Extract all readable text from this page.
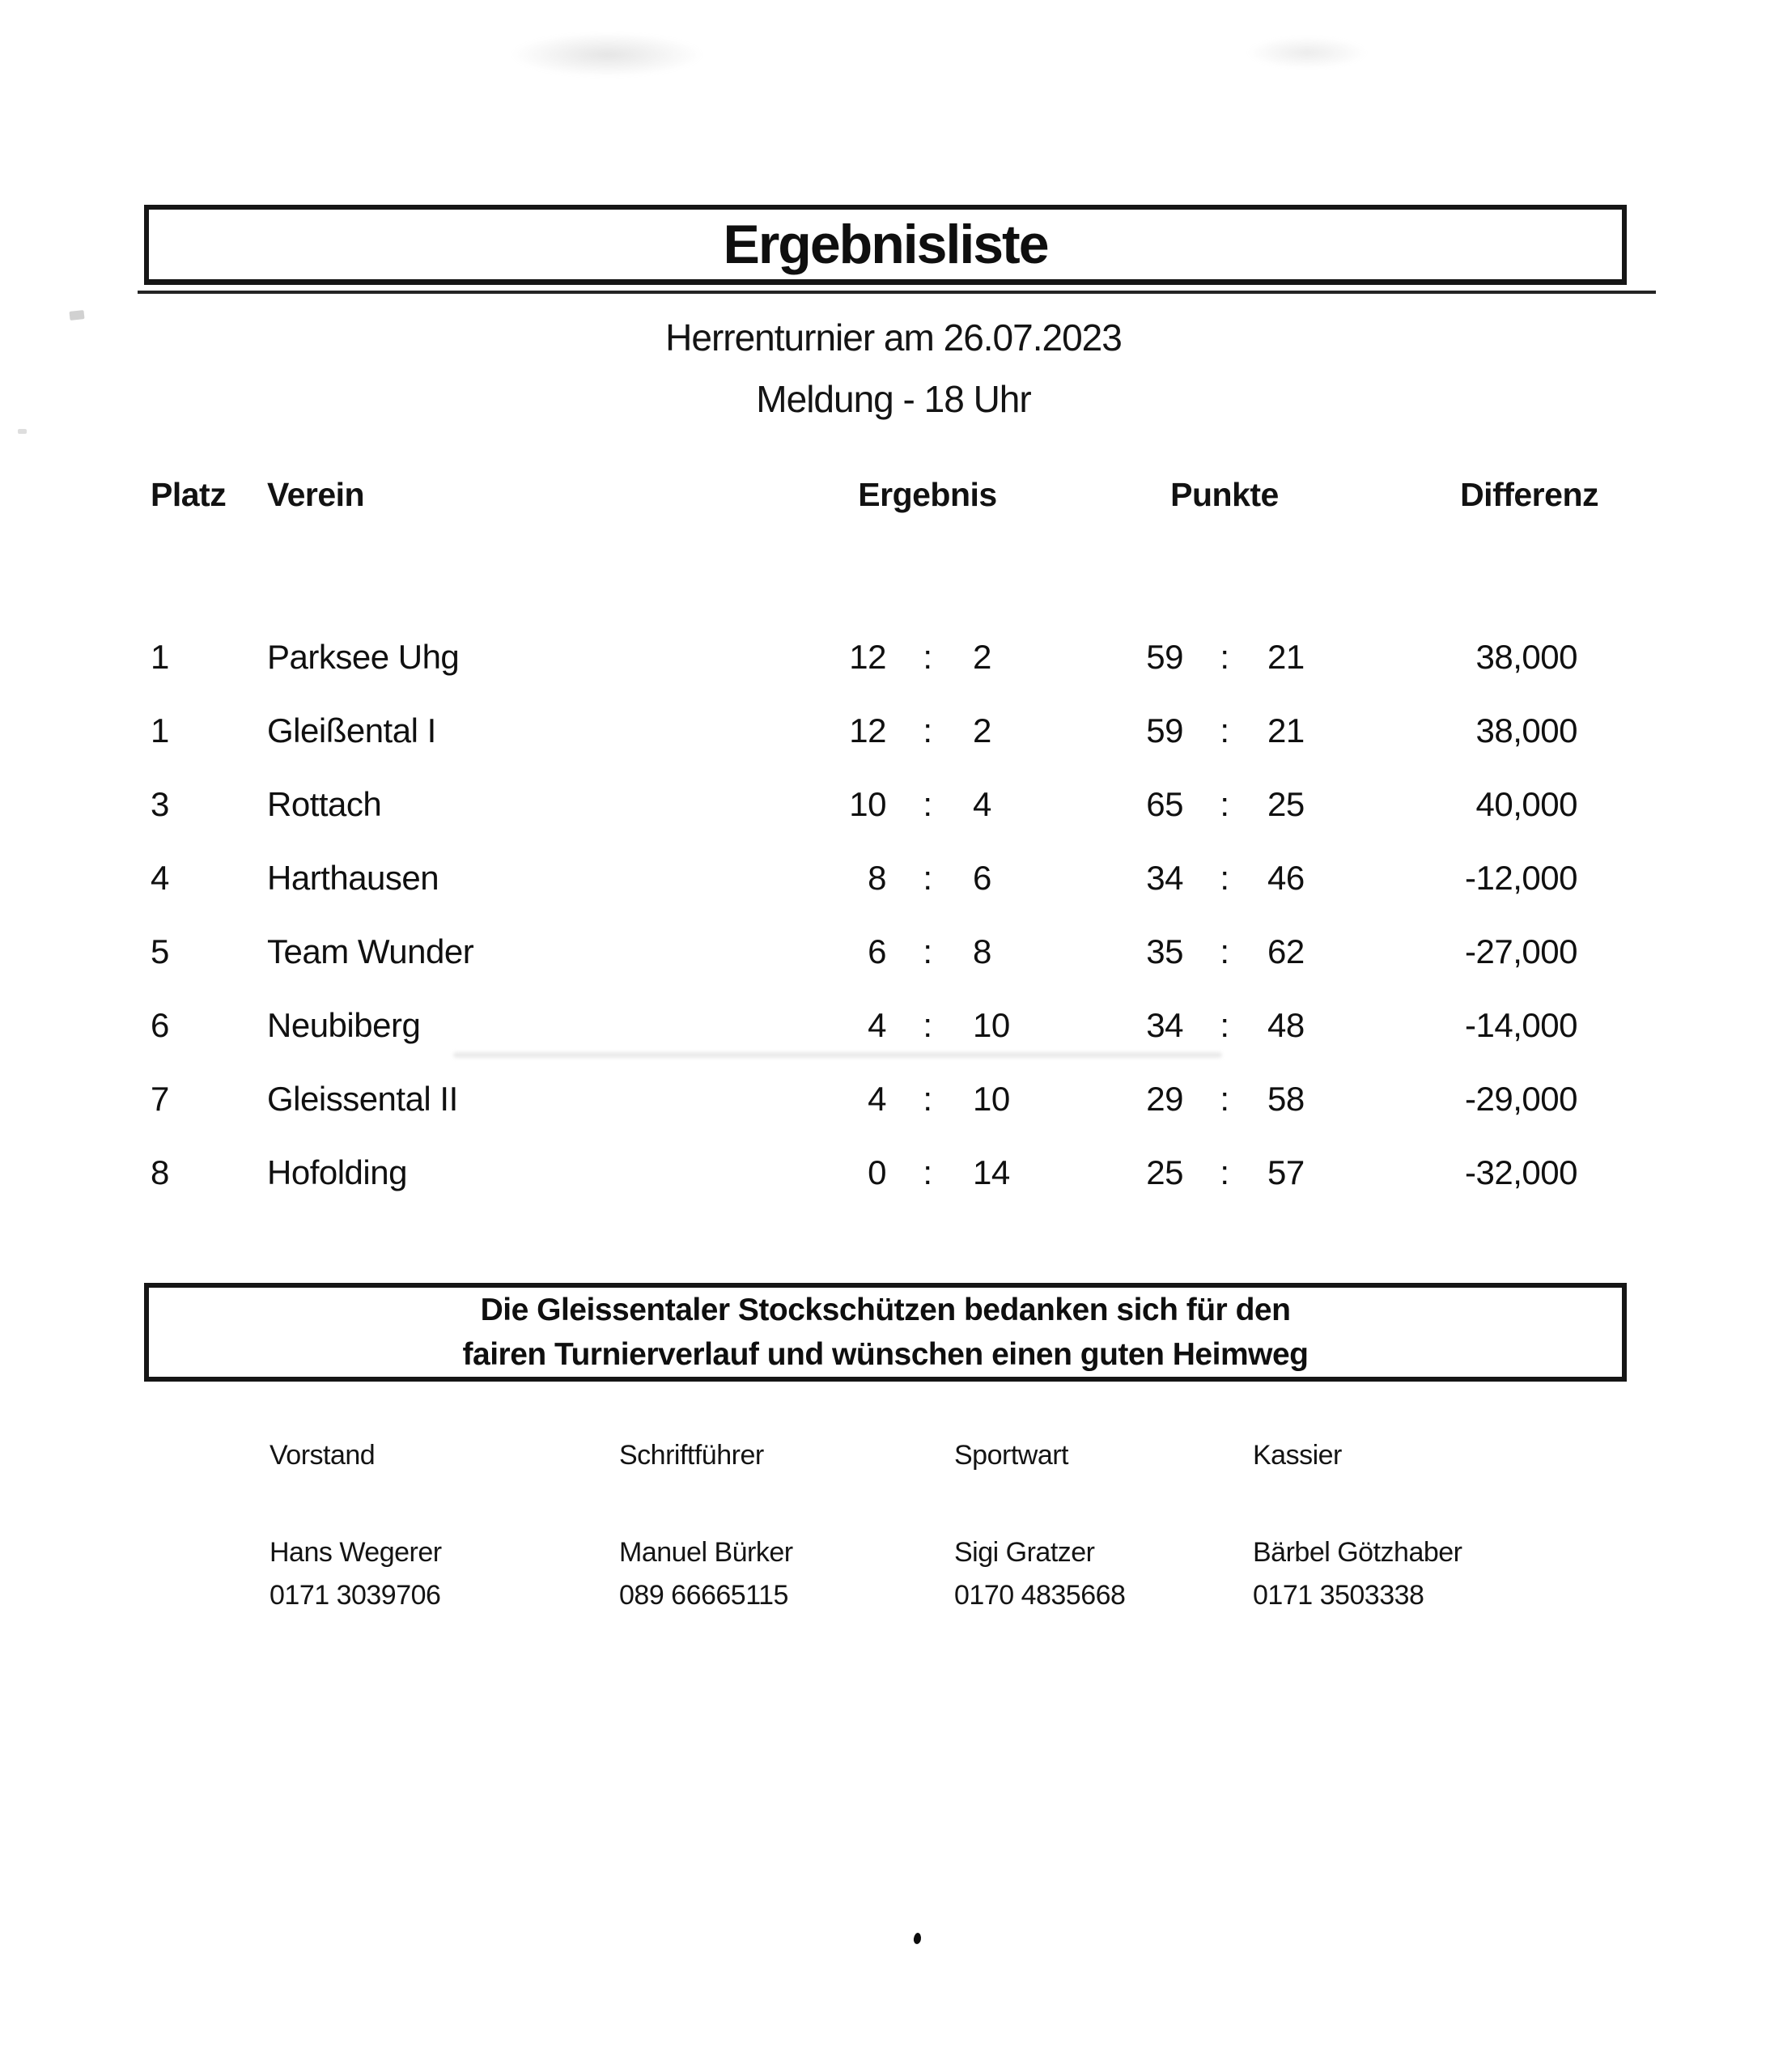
Ergebnisliste
Herrenturnier am 26.07.2023
Meldung - 18 Uhr
Platz	Verein	Ergebnis	Punkte	Differenz
1	Parksee Uhg	12	:	2	59	:	21	38,000
1	Gleißental I	12	:	2	59	:	21	38,000
3	Rottach	10	:	4	65	:	25	40,000
4	Harthausen	8	:	6	34	:	46	-12,000
5	Team Wunder	6	:	8	35	:	62	-27,000
6	Neubiberg	4	:	10	34	:	48	-14,000
7	Gleissental II	4	:	10	29	:	58	-29,000
8	Hofolding	0	:	14	25	:	57	-32,000
Die Gleissentaler Stockschützen bedanken sich für den
fairen Turnierverlauf und wünschen einen guten Heimweg
Vorstand
Hans Wegerer
0171 3039706
Schriftführer
Manuel Bürker
089 66665115
Sportwart
Sigi Gratzer
0170 4835668
Kassier
Bärbel Götzhaber
0171 3503338
